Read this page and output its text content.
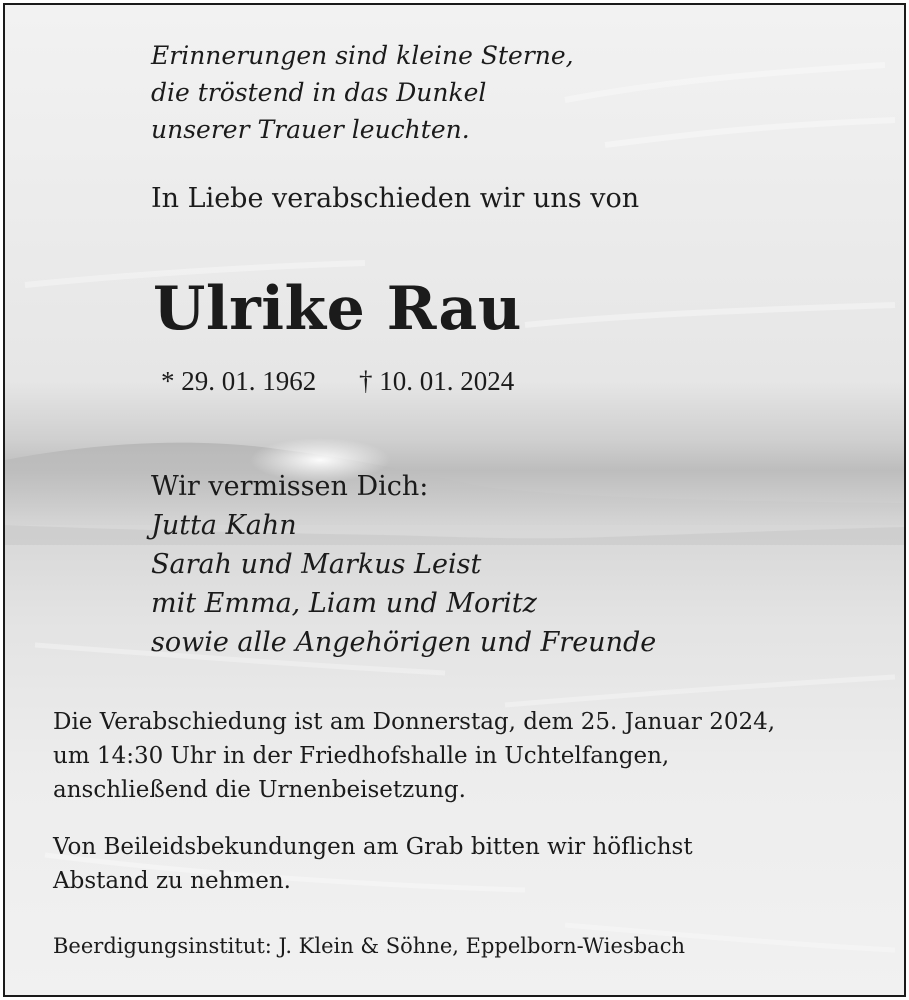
Erinnerungen sind kleine Sterne,
die tröstend in das Dunkel
unserer Trauer leuchten.
In Liebe verabschieden wir uns von
Ulrike Rau
* 29. 01. 1962 † 10. 01. 2024
Wir vermissen Dich:
Jutta Kahn
Sarah und Markus Leist
mit Emma, Liam und Moritz
sowie alle Angehörigen und Freunde
Die Verabschiedung ist am Donnerstag, dem 25. Januar 2024,
um 14:30 Uhr in der Friedhofshalle in Uchtelfangen,
anschließend die Urnenbeisetzung.
Von Beileidsbekundungen am Grab bitten wir höflichst
Abstand zu nehmen.
Beerdigungsinstitut: J. Klein & Söhne, Eppelborn-Wiesbach
